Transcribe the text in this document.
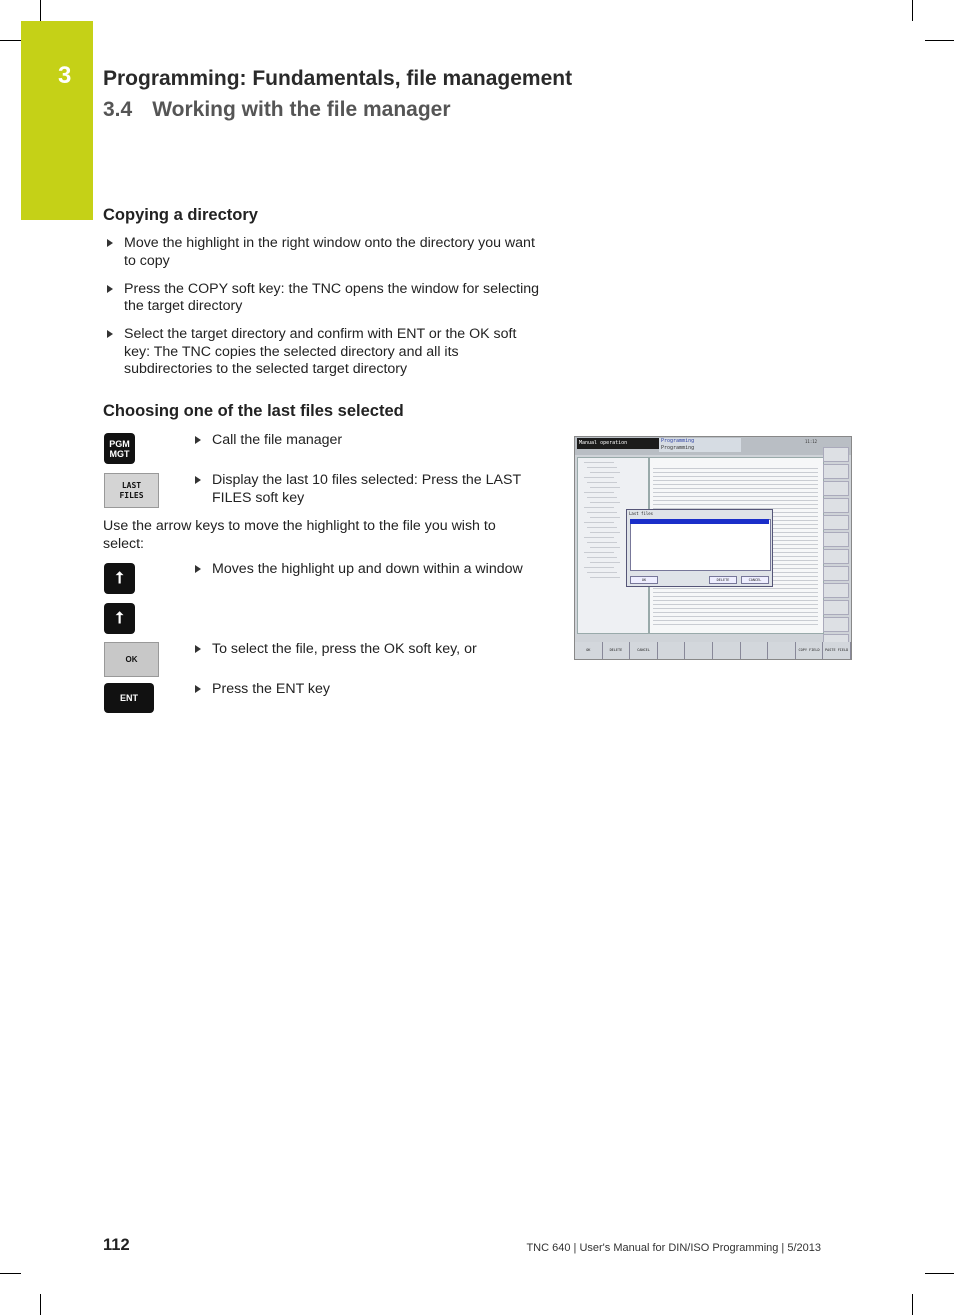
3 Programming: Fundamentals, file management
3.4 Working with the file manager
Copying a directory
Move the highlight in the right window onto the directory you want to copy
Press the COPY soft key: the TNC opens the window for selecting the target directory
Select the target directory and confirm with ENT or the OK soft key: The TNC copies the selected directory and all its subdirectories to the selected target directory
Choosing one of the last files selected
PGM
MGT
LAST
FILES
Call the file manager
Display the last 10 files selected: Press the LAST FILES soft key
Use the arrow keys to move the highlight to the file you wish to select:
⭡
⭡
OK
ENT
Moves the highlight up and down within a window
To select the file, press the OK soft key, or
Press the ENT key
Manual operation	Programming
Programming
11:12
Last files
OK	DELETE	CANCEL
OK	DELETE	CANCEL	COPY FIELD	PASTE FIELD
112	TNC 640 | User's Manual for DIN/ISO Programming | 5/2013
